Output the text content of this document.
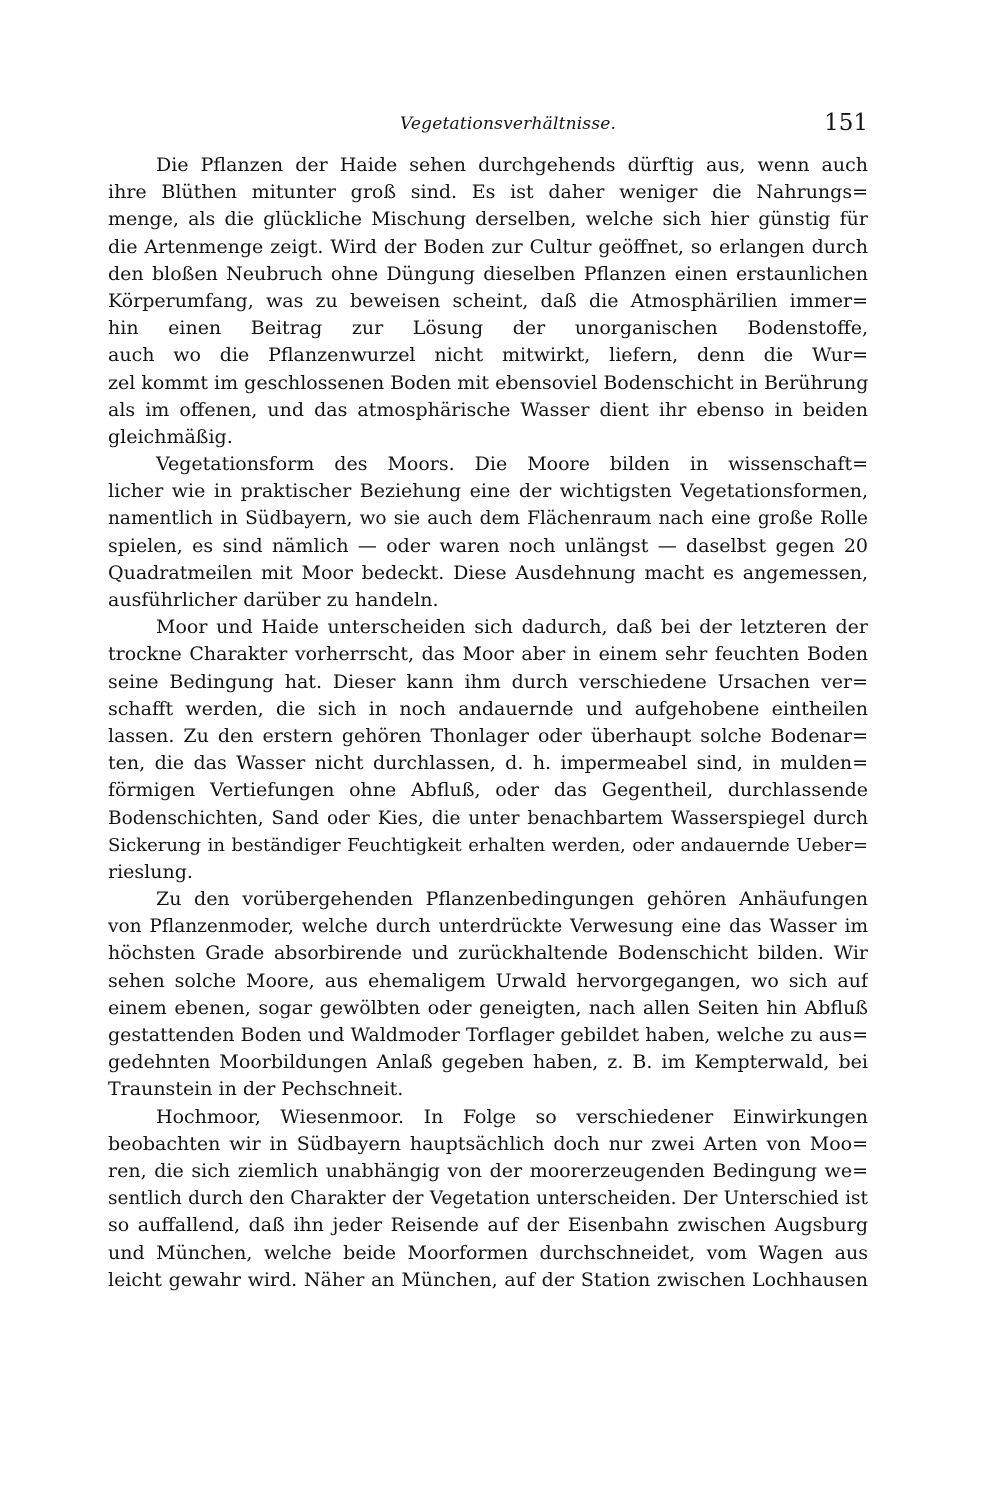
Vegetationsverhältnisse.	151
Die Pflanzen der Haide sehen durchgehends dürftig aus, wenn auch
ihre Blüthen mitunter groß sind. Es ist daher weniger die Nahrungs=
menge, als die glückliche Mischung derselben, welche sich hier günstig für
die Artenmenge zeigt. Wird der Boden zur Cultur geöffnet, so erlangen durch
den bloßen Neubruch ohne Düngung dieselben Pflanzen einen erstaunlichen
Körperumfang, was zu beweisen scheint, daß die Atmosphärilien immer=
hin einen Beitrag zur Lösung der unorganischen Bodenstoffe,
auch wo die Pflanzenwurzel nicht mitwirkt, liefern, denn die Wur=
zel kommt im geschlossenen Boden mit ebensoviel Bodenschicht in Berührung
als im offenen, und das atmosphärische Wasser dient ihr ebenso in beiden
gleichmäßig.
Vegetationsform des Moors. Die Moore bilden in wissenschaft=
licher wie in praktischer Beziehung eine der wichtigsten Vegetationsformen,
namentlich in Südbayern, wo sie auch dem Flächenraum nach eine große Rolle
spielen, es sind nämlich — oder waren noch unlängst — daselbst gegen 20
Quadratmeilen mit Moor bedeckt. Diese Ausdehnung macht es angemessen,
ausführlicher darüber zu handeln.
Moor und Haide unterscheiden sich dadurch, daß bei der letzteren der
trockne Charakter vorherrscht, das Moor aber in einem sehr feuchten Boden
seine Bedingung hat. Dieser kann ihm durch verschiedene Ursachen ver=
schafft werden, die sich in noch andauernde und aufgehobene eintheilen
lassen. Zu den erstern gehören Thonlager oder überhaupt solche Bodenar=
ten, die das Wasser nicht durchlassen, d. h. impermeabel sind, in mulden=
förmigen Vertiefungen ohne Abfluß, oder das Gegentheil, durchlassende
Bodenschichten, Sand oder Kies, die unter benachbartem Wasserspiegel durch
Sickerung in beständiger Feuchtigkeit erhalten werden, oder andauernde Ueber=
rieslung.
Zu den vorübergehenden Pflanzenbedingungen gehören Anhäufungen
von Pflanzenmoder, welche durch unterdrückte Verwesung eine das Wasser im
höchsten Grade absorbirende und zurückhaltende Bodenschicht bilden. Wir
sehen solche Moore, aus ehemaligem Urwald hervorgegangen, wo sich auf
einem ebenen, sogar gewölbten oder geneigten, nach allen Seiten hin Abfluß
gestattenden Boden und Waldmoder Torflager gebildet haben, welche zu aus=
gedehnten Moorbildungen Anlaß gegeben haben, z. B. im Kempterwald, bei
Traunstein in der Pechschneit.
Hochmoor, Wiesenmoor. In Folge so verschiedener Einwirkungen
beobachten wir in Südbayern hauptsächlich doch nur zwei Arten von Moo=
ren, die sich ziemlich unabhängig von der moorerzeugenden Bedingung we=
sentlich durch den Charakter der Vegetation unterscheiden. Der Unterschied ist
so auffallend, daß ihn jeder Reisende auf der Eisenbahn zwischen Augsburg
und München, welche beide Moorformen durchschneidet, vom Wagen aus
leicht gewahr wird. Näher an München, auf der Station zwischen Lochhausen
